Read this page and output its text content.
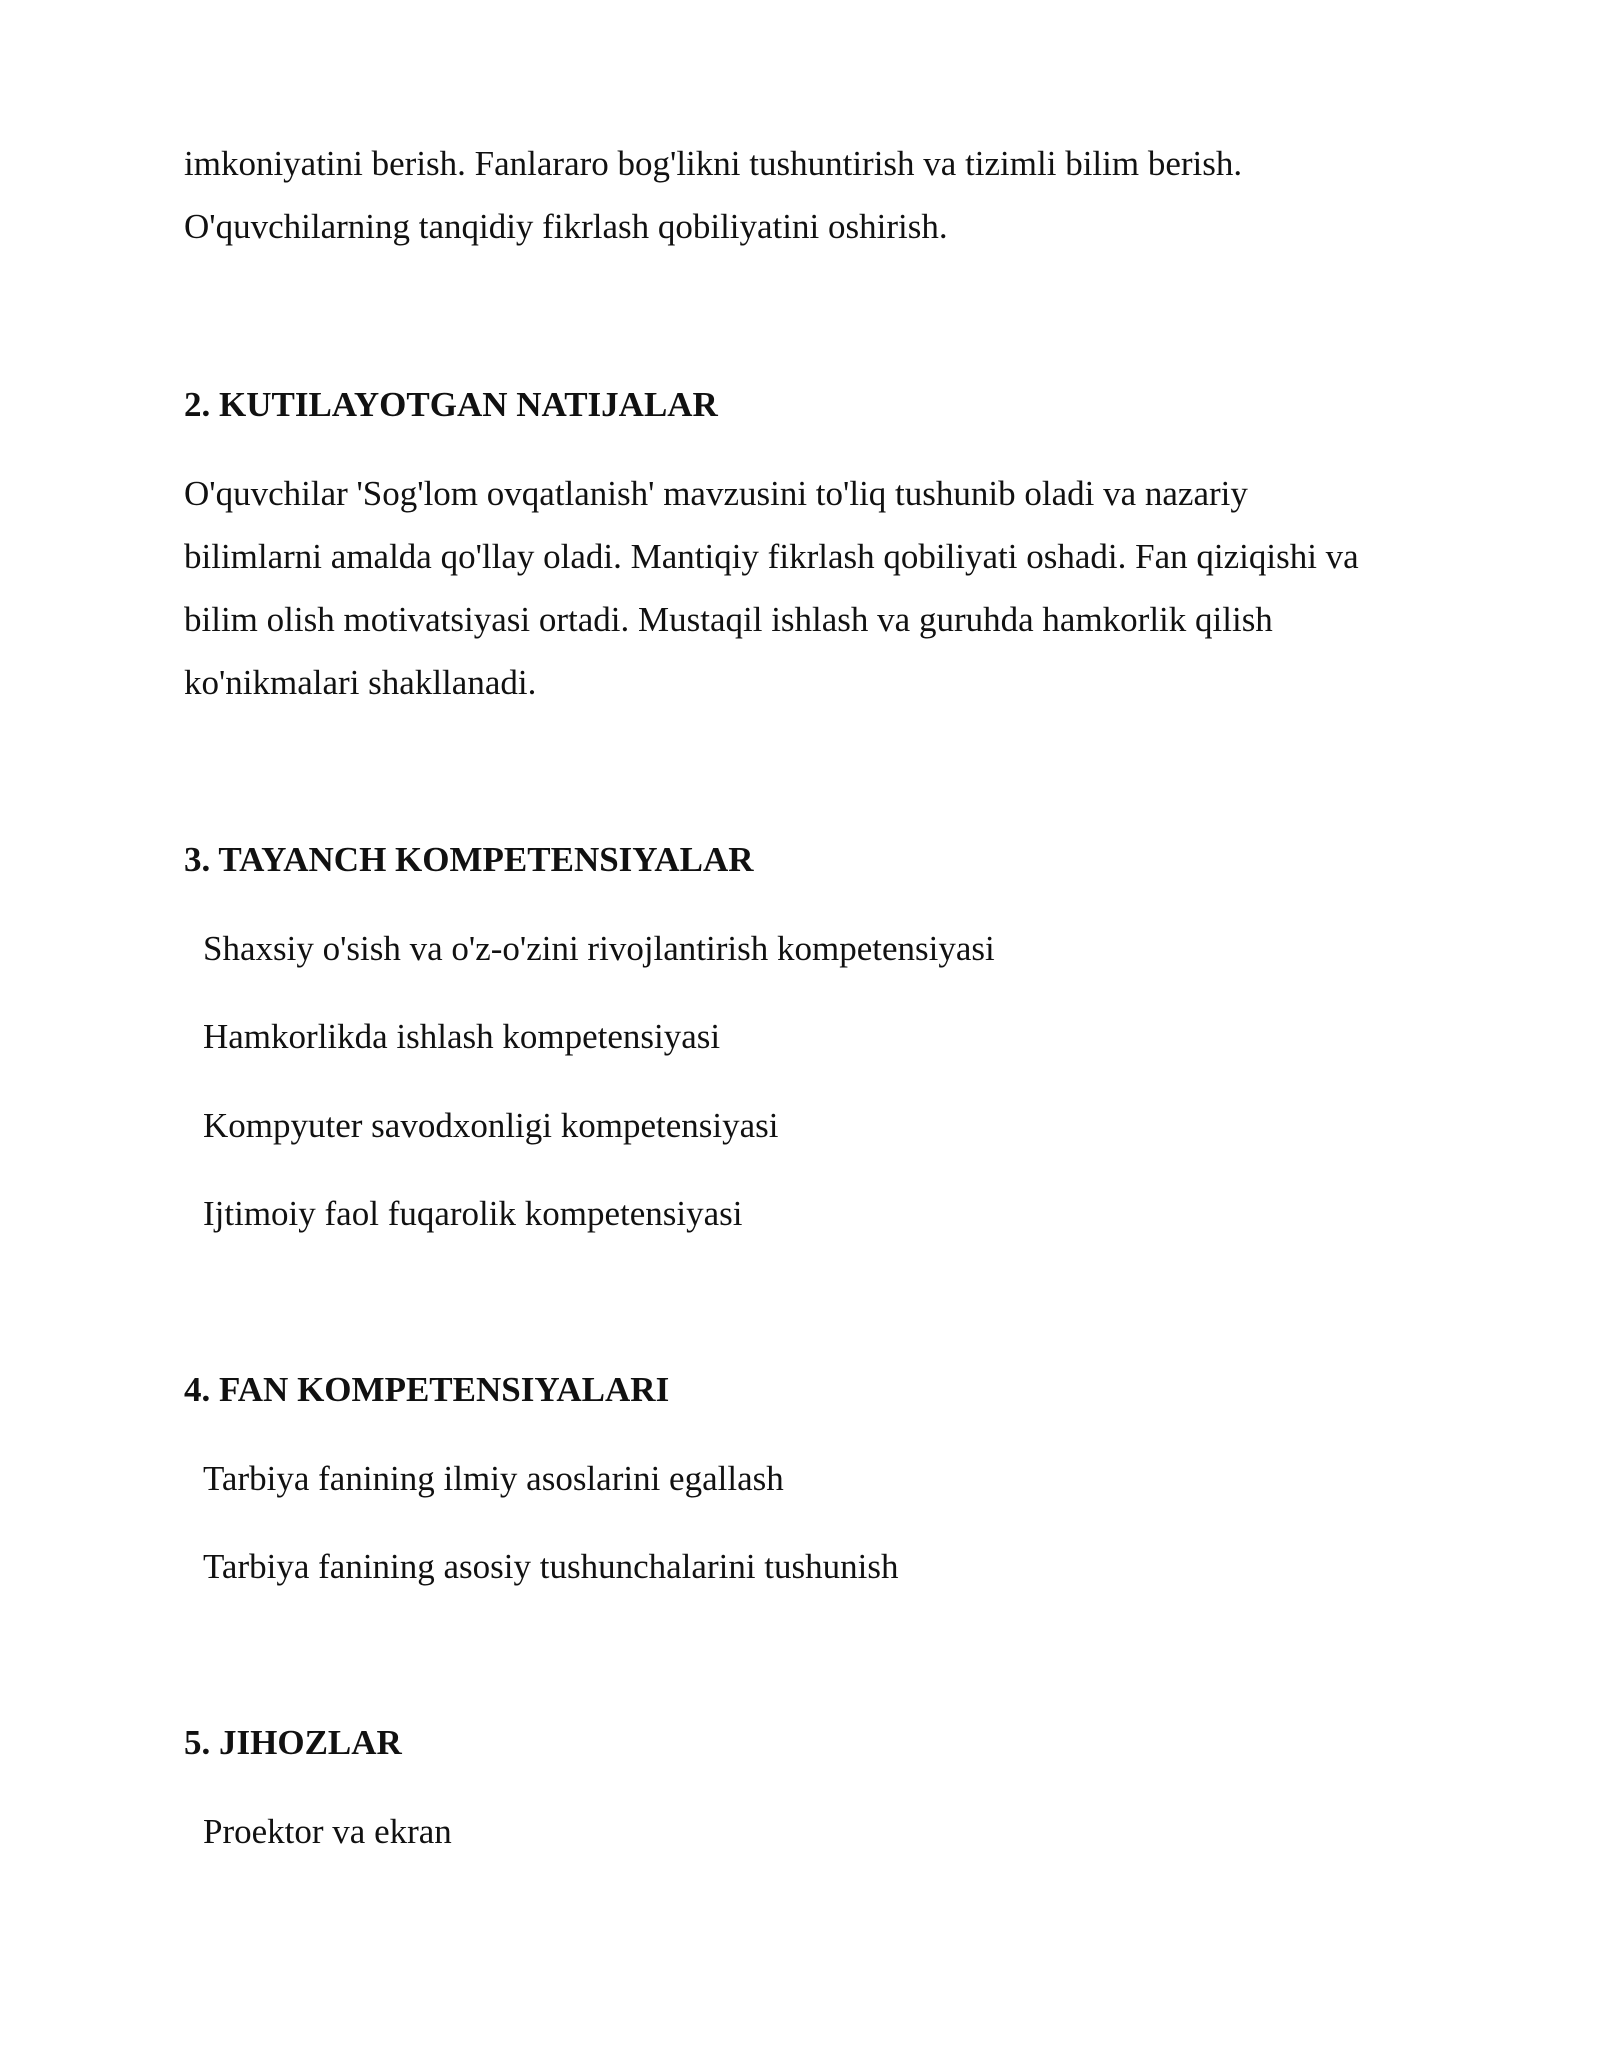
imkoniyatini berish. Fanlararo bog'likni tushuntirish va tizimli bilim berish.

O'quvchilarning tanqidiy fikrlash qobiliyatini oshirish.

2. KUTILAYOTGAN NATIJALAR

O'quvchilar 'Sog'lom ovqatlanish' mavzusini to'liq tushunib oladi va nazariy

bilimlarni amalda qo'llay oladi. Mantiqiy fikrlash qobiliyati oshadi. Fan qiziqishi va

bilim olish motivatsiyasi ortadi. Mustaqil ishlash va guruhda hamkorlik qilish

ko'nikmalari shakllanadi.

3. TAYANCH KOMPETENSIYALAR

Shaxsiy o'sish va o'z-o'zini rivojlantirish kompetensiyasi

Hamkorlikda ishlash kompetensiyasi

Kompyuter savodxonligi kompetensiyasi

Ijtimoiy faol fuqarolik kompetensiyasi

4. FAN KOMPETENSIYALARI

Tarbiya fanining ilmiy asoslarini egallash

Tarbiya fanining asosiy tushunchalarini tushunish

5. JIHOZLAR

Proektor va ekran
